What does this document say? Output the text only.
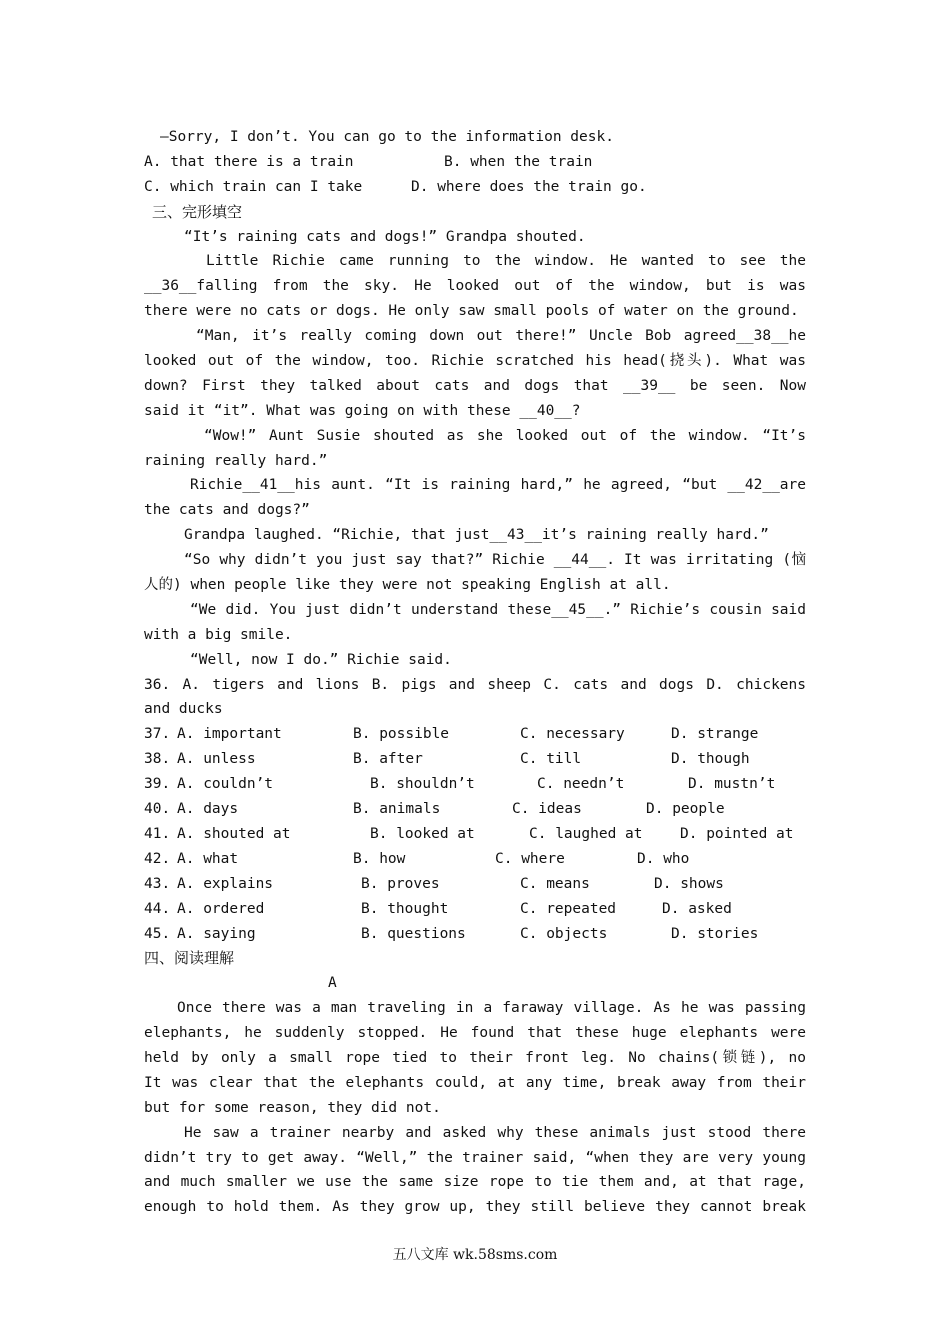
—Sorry, I don’t. You can go to the information desk.
A. that there is a train	B. when the train
C. which train can I take	D. where does the train go.
三、完形填空
“It’s raining cats and dogs!” Grandpa shouted.
Little Richie came running to the window. He wanted to see the
__36__falling from the sky. He looked out of the window, but is was
there were no cats or dogs. He only saw small pools of water on the ground.
“Man, it’s really coming down out there!” Uncle Bob agreed__38__he
looked out of the window, too. Richie scratched his head(挠头). What was
down? First they talked about cats and dogs that __39__ be seen. Now
said it “it”. What was going on with these __40__?
“Wow!” Aunt Susie shouted as she looked out of the window. “It’s
raining really hard.”
Richie__41__his aunt. “It is raining hard,” he agreed, “but __42__are
the cats and dogs?”
Grandpa laughed. “Richie, that just__43__it’s raining really hard.”
“So why didn’t you just say that?” Richie __44__. It was irritating (恼
人的) when people like they were not speaking English at all.
“We did. You just didn’t understand these__45__.” Richie’s cousin said
with a big smile.
“Well, now I do.” Richie said.
36. A. tigers and lions B. pigs and sheep C. cats and dogs D. chickens
and ducks
37. A. important	B. possible	C. necessary	D. strange
38. A. unless	B. after	C. till	D. though
39. A. couldn’t	B. shouldn’t	C. needn’t	D. mustn’t
40. A. days	B. animals	C. ideas	D. people
41. A. shouted at	B. looked at	C. laughed at	D. pointed at
42. A. what	B. how	C. where	D. who
43. A. explains	B. proves	C. means	D. shows
44. A. ordered	B. thought	C. repeated	D. asked
45. A. saying	B. questions	C. objects	D. stories
四、阅读理解
A
Once there was a man traveling in a faraway village. As he was passing
elephants, he suddenly stopped. He found that these huge elephants were
held by only a small rope tied to their front leg. No chains(锁链), no
It was clear that the elephants could, at any time, break away from their
but for some reason, they did not.
He saw a trainer nearby and asked why these animals just stood there
didn’t try to get away. “Well,” the trainer said, “when they are very young
and much smaller we use the same size rope to tie them and, at that rage,
enough to hold them. As they grow up, they still believe they cannot break
五八文库 wk.58sms.com
